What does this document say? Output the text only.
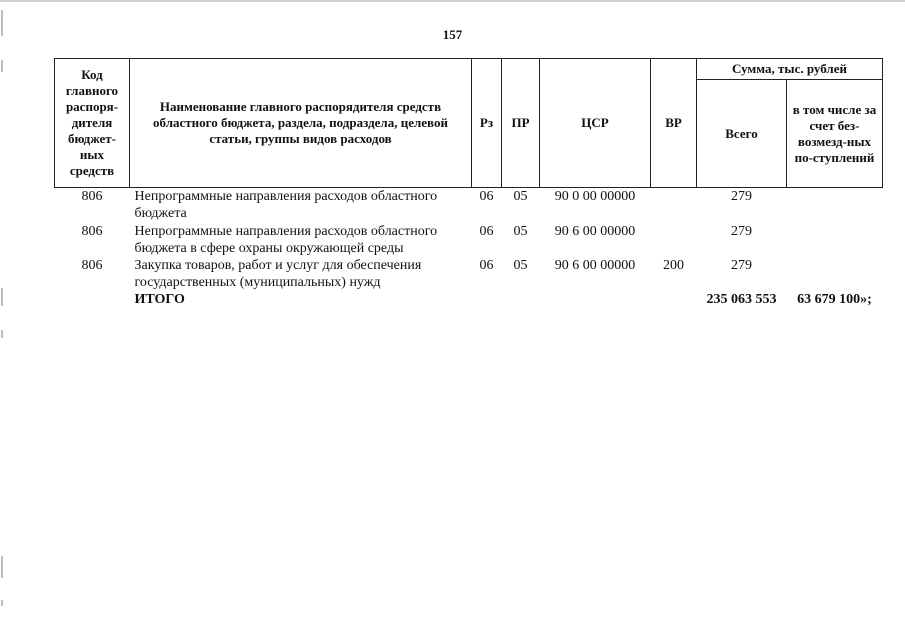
157
Код главного распоря-дителя бюджет-ных средств	Наименование главного распорядителя средств областного бюджета, раздела, подраздела, целевой статьи, группы видов расходов	Рз	ПР	ЦСР	ВР	Сумма, тыс. рублей	
						Всего	в том числе за счет без-возмезд-ных по-ступлений
806	Непрограммные направления расходов областного бюджета	06	05	90 0 00 00000		279	
806	Непрограммные направления расходов областного бюджета в сфере охраны окружающей среды	06	05	90 6 00 00000		279	
806	Закупка товаров, работ и услуг для обеспечения государственных (муниципальных) нужд	06	05	90 6 00 00000	200	279	
	ИТОГО					235 063 553	63 679 100»;
